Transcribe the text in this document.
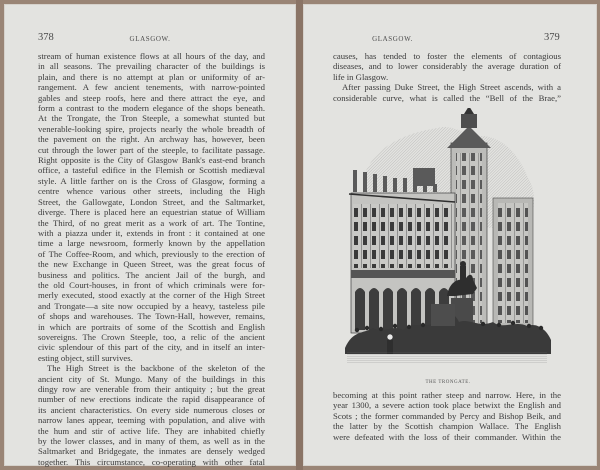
378	GLASGOW.
stream of human existence flows at all hours of the day, and
in all seasons. The prevailing character of the buildings is
plain, and there is no attempt at plan or uniformity of ar-
rangement. A few ancient tenements, with narrow-pointed
gables and steep roofs, here and there attract the eye, and
form a contrast to the modern elegance of the shops beneath.
At the Trongate, the Tron Steeple, a somewhat stunted but
venerable-looking spire, projects nearly the whole breadth of
the pavement on the right. An archway has, however, been
cut through the lower part of the steeple, to facilitate passage.
Right opposite is the City of Glasgow Bank's east-end branch
office, a tasteful edifice in the Flemish or Scottish mediæval
style. A little farther on is the Cross of Glasgow, forming a
centre whence various other streets, including the High
Street, the Gallowgate, London Street, and the Saltmarket,
diverge. There is placed here an equestrian statue of William
the Third, of no great merit as a work of art. The Tontine,
with a piazza under it, extends in front : it contained at one
time a large newsroom, formerly known by the appellation
of The Coffee-Room, and which, previously to the erection of
the new Exchange in Queen Street, was the great focus of
business and politics. The ancient Jail of the burgh, and
the old Court-houses, in front of which criminals were for-
merly executed, stood exactly at the corner of the High Street
and Trongate—a site now occupied by a heavy, tasteless pile
of shops and warehouses. The Town-Hall, however, remains,
in which are portraits of some of the Scottish and English
sovereigns. The Crown Steeple, too, a relic of the ancient
civic splendour of this part of the city, and in itself an inter-
esting object, still survives.
The High Street is the backbone of the skeleton of the
ancient city of St. Mungo. Many of the buildings in this
dingy row are venerable from their antiquity ; but the great
number of new erections indicate the rapid disappearance of
its ancient characteristics. On every side numerous closes or
narrow lanes appear, teeming with population, and alive with
the hum and stir of active life. They are inhabited chiefly
by the lower classes, and in many of them, as well as in the
Saltmarket and Bridgegate, the inmates are densely wedged
together. This circumstance, co-operating with other fatal
GLASGOW.	379
causes, has tended to foster the elements of contagious
diseases, and to lower considerably the average duration of
life in Glasgow.
After passing Duke Street, the High Street ascends, with a
considerable curve, what is called the “Bell of the Brae,”
THE TRONGATE.
becoming at this point rather steep and narrow. Here, in the
year 1300, a severe action took place betwixt the English and
Scots ; the former commanded by Percy and Bishop Beik, and
the latter by the Scottish champion Wallace. The English
were defeated with the loss of their commander. Within the
